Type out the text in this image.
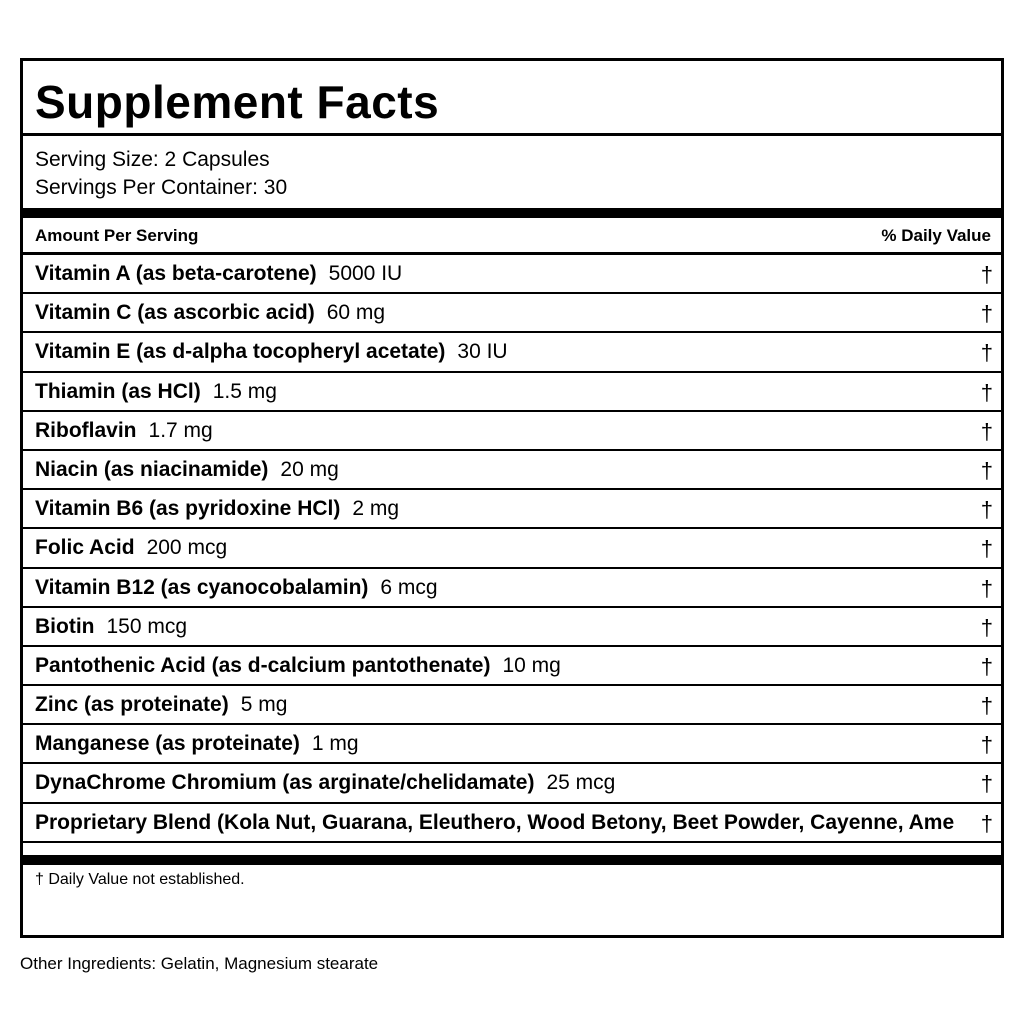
Supplement Facts
Serving Size: 2 Capsules
Servings Per Container: 30
Amount Per Serving	% Daily Value
Vitamin A (as beta-carotene) 5000 IU	†
Vitamin C (as ascorbic acid) 60 mg	†
Vitamin E (as d-alpha tocopheryl acetate) 30 IU	†
Thiamin (as HCl) 1.5 mg	†
Riboflavin 1.7 mg	†
Niacin (as niacinamide) 20 mg	†
Vitamin B6 (as pyridoxine HCl) 2 mg	†
Folic Acid 200 mcg	†
Vitamin B12 (as cyanocobalamin) 6 mcg	†
Biotin 150 mcg	†
Pantothenic Acid (as d-calcium pantothenate) 10 mg	†
Zinc (as proteinate) 5 mg	†
Manganese (as proteinate) 1 mg	†
DynaChrome Chromium (as arginate/chelidamate) 25 mcg	†
Proprietary Blend (Kola Nut, Guarana, Eleuthero, Wood Betony, Beet Powder, Cayenne, Ame	†
† Daily Value not established.
Other Ingredients: Gelatin, Magnesium stearate
